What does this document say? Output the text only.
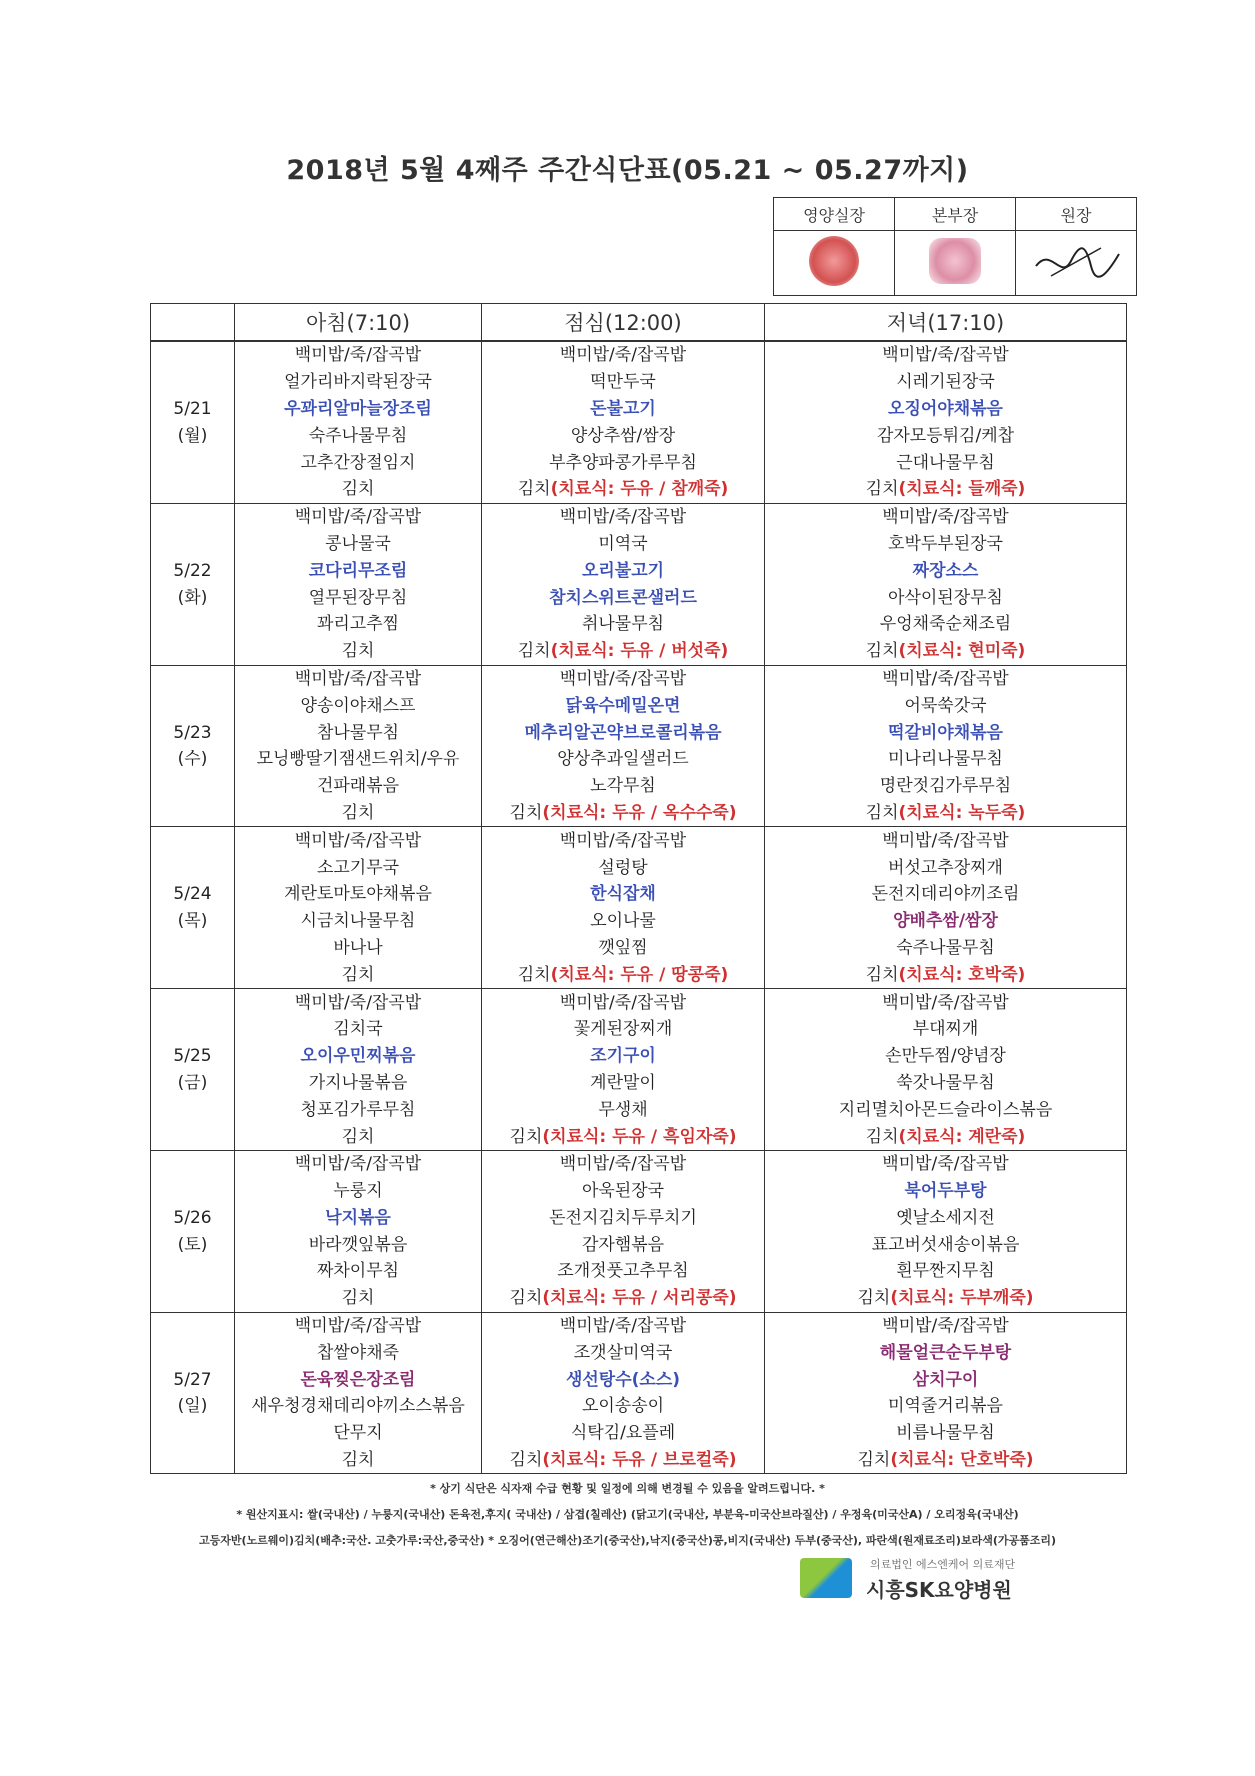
2018년 5월 4째주 주간식단표(05.21 ~ 05.27까지)
영양실장	본부장	원장

	아침(7:10)	점심(12:00)	저녁(17:10)
	백미밥/죽/잡곡밥	백미밥/죽/잡곡밥	백미밥/죽/잡곡밥
	얼가리바지락된장국	떡만두국	시레기된장국
5/21	우꽈리알마늘장조림	돈불고기	오징어야채볶음
(월)	숙주나물무침	양상추쌈/쌈장	감자모등튀김/케찹
	고추간장절임지	부추양파콩가루무침	근대나물무침
	김치	김치(치료식: 두유 / 참깨죽)	김치(치료식: 들깨죽)
	백미밥/죽/잡곡밥	백미밥/죽/잡곡밥	백미밥/죽/잡곡밥
	콩나물국	미역국	호박두부된장국
5/22	코다리무조림	오리불고기	짜장소스
(화)	열무된장무침	참치스위트콘샐러드	아삭이된장무침
	꽈리고추찜	취나물무침	우엉채죽순채조림
	김치	김치(치료식: 두유 / 버섯죽)	김치(치료식: 현미죽)
	백미밥/죽/잡곡밥	백미밥/죽/잡곡밥	백미밥/죽/잡곡밥
	양송이야채스프	닭육수메밀온면	어묵쑥갓국
5/23	참나물무침	메추리알곤약브로콜리볶음	떡갈비야채볶음
(수)	모닝빵딸기잼샌드위치/우유	양상추과일샐러드	미나리나물무침
	건파래볶음	노각무침	명란젓김가루무침
	김치	김치(치료식: 두유 / 옥수수죽)	김치(치료식: 녹두죽)
	백미밥/죽/잡곡밥	백미밥/죽/잡곡밥	백미밥/죽/잡곡밥
	소고기무국	설렁탕	버섯고추장찌개
5/24	계란토마토야채볶음	한식잡채	돈전지데리야끼조림
(목)	시금치나물무침	오이나물	양배추쌈/쌈장
	바나나	깻잎찜	숙주나물무침
	김치	김치(치료식: 두유 / 땅콩죽)	김치(치료식: 호박죽)
	백미밥/죽/잡곡밥	백미밥/죽/잡곡밥	백미밥/죽/잡곡밥
	김치국	꽃게된장찌개	부대찌개
5/25	오이우민찌볶음	조기구이	손만두찜/양념장
(금)	가지나물볶음	계란말이	쑥갓나물무침
	청포김가루무침	무생채	지리멸치아몬드슬라이스볶음
	김치	김치(치료식: 두유 / 흑임자죽)	김치(치료식: 계란죽)
	백미밥/죽/잡곡밥	백미밥/죽/잡곡밥	백미밥/죽/잡곡밥
	누룽지	아욱된장국	북어두부탕
5/26	낙지볶음	돈전지김치두루치기	옛날소세지전
(토)	바라깻잎볶음	감자햄볶음	표고버섯새송이볶음
	짜차이무침	조개젓풋고추무침	흰무짠지무침
	김치	김치(치료식: 두유 / 서리콩죽)	김치(치료식: 두부깨죽)
	백미밥/죽/잡곡밥	백미밥/죽/잡곡밥	백미밥/죽/잡곡밥
	찹쌀야채죽	조갯살미역국	해물얼큰순두부탕
5/27	돈육찢은장조림	생선탕수(소스)	삼치구이
(일)	새우청경채데리야끼소스볶음	오이송송이	미역줄거리볶음
	단무지	식탁김/요플레	비름나물무침
	김치	김치(치료식: 두유 / 브로컬죽)	김치(치료식: 단호박죽)
* 상기 식단은 식자재 수급 현황 및 일정에 의해 변경될 수 있음을 알려드립니다. *
* 원산지표시: 쌀(국내산) / 누룽지(국내산) 돈육전,후지( 국내산) / 삼겹(칠레산) (닭고기(국내산, 부분육-미국산브라질산) / 우정육(미국산A) / 오리정육(국내산)
고등자반(노르웨이)김치(배추:국산. 고춧가루:국산,중국산) * 오징어(연근해산)조기(중국산),낙지(중국산)콩,비지(국내산) 두부(중국산), 파란색(원재료조리)보라색(가공품조리)
의료법인 에스엔케어 의료재단
시흥SK요양병원
